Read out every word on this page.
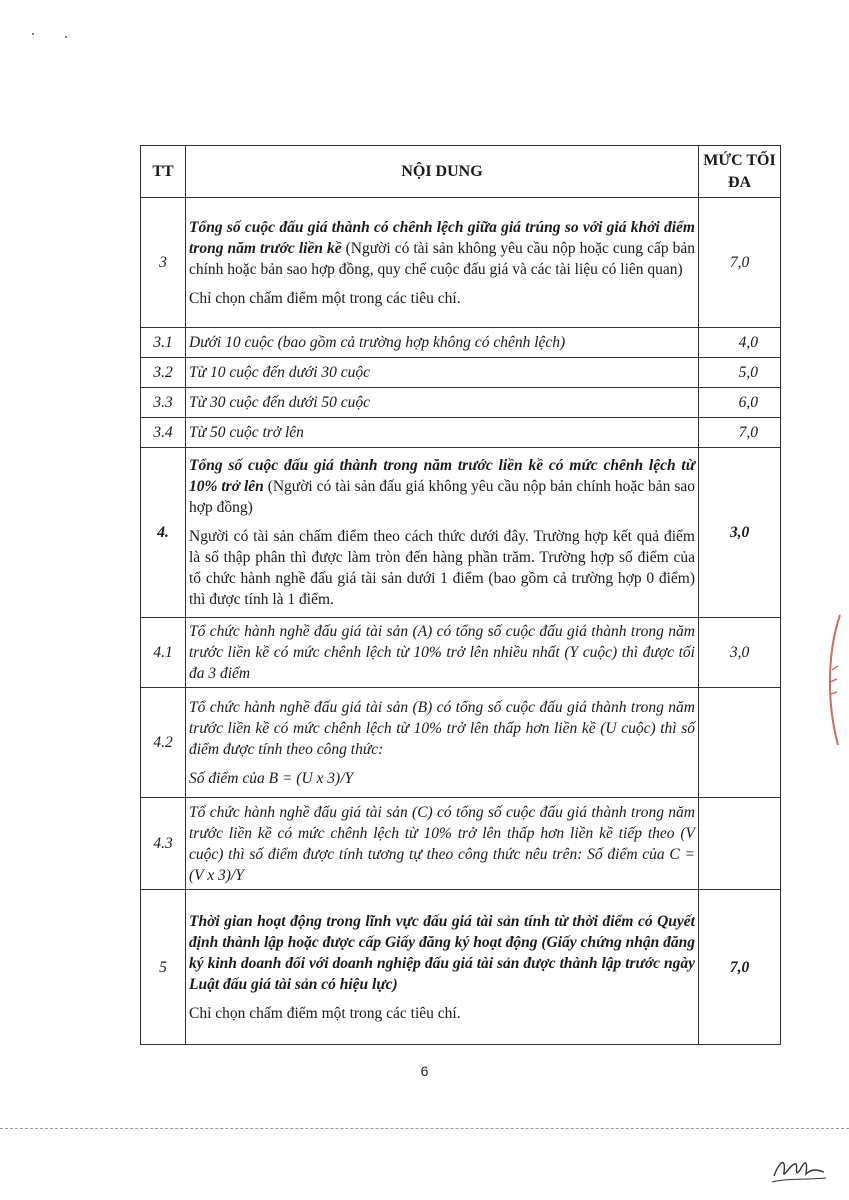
TT	NỘI DUNG	MỨC TỐI ĐA
3	Tổng số cuộc đấu giá thành có chênh lệch giữa giá trúng so với giá khởi điểm trong năm trước liền kề (Người có tài sản không yêu cầu nộp hoặc cung cấp bản chính hoặc bản sao hợp đồng, quy chế cuộc đấu giá và các tài liệu có liên quan)

Chỉ chọn chấm điểm một trong các tiêu chí.	7,0
3.1	Dưới 10 cuộc (bao gồm cả trường hợp không có chênh lệch)	4,0
3.2	Từ 10 cuộc đến dưới 30 cuộc	5,0
3.3	Từ 30 cuộc đến dưới 50 cuộc	6,0
3.4	Từ 50 cuộc trở lên	7,0
4.	Tổng số cuộc đấu giá thành trong năm trước liền kề có mức chênh lệch từ 10% trở lên (Người có tài sản đấu giá không yêu cầu nộp bản chính hoặc bản sao hợp đồng)

Người có tài sản chấm điểm theo cách thức dưới đây. Trường hợp kết quả điểm là số thập phân thì được làm tròn đến hàng phần trăm. Trường hợp số điểm của tổ chức hành nghề đấu giá tài sản dưới 1 điểm (bao gồm cả trường hợp 0 điểm) thì được tính là 1 điểm.	3,0
4.1	Tổ chức hành nghề đấu giá tài sản (A) có tổng số cuộc đấu giá thành trong năm trước liền kề có mức chênh lệch từ 10% trở lên nhiều nhất (Y cuộc) thì được tối đa 3 điểm	3,0
4.2	Tổ chức hành nghề đấu giá tài sản (B) có tổng số cuộc đấu giá thành trong năm trước liền kề có mức chênh lệch từ 10% trở lên thấp hơn liền kề (U cuộc) thì số điểm được tính theo công thức:

Số điểm của B = (U x 3)/Y	

4.3	Tổ chức hành nghề đấu giá tài sản (C) có tổng số cuộc đấu giá thành trong năm trước liền kề có mức chênh lệch từ 10% trở lên thấp hơn liền kề tiếp theo (V cuộc) thì số điểm được tính tương tự theo công thức nêu trên: Số điểm của C = (V x 3)/Y	

5	Thời gian hoạt động trong lĩnh vực đấu giá tài sản tính từ thời điểm có Quyết định thành lập hoặc được cấp Giấy đăng ký hoạt động (Giấy chứng nhận đăng ký kinh doanh đối với doanh nghiệp đấu giá tài sản được thành lập trước ngày Luật đấu giá tài sản có hiệu lực)

Chỉ chọn chấm điểm một trong các tiêu chí.	7,0
6
